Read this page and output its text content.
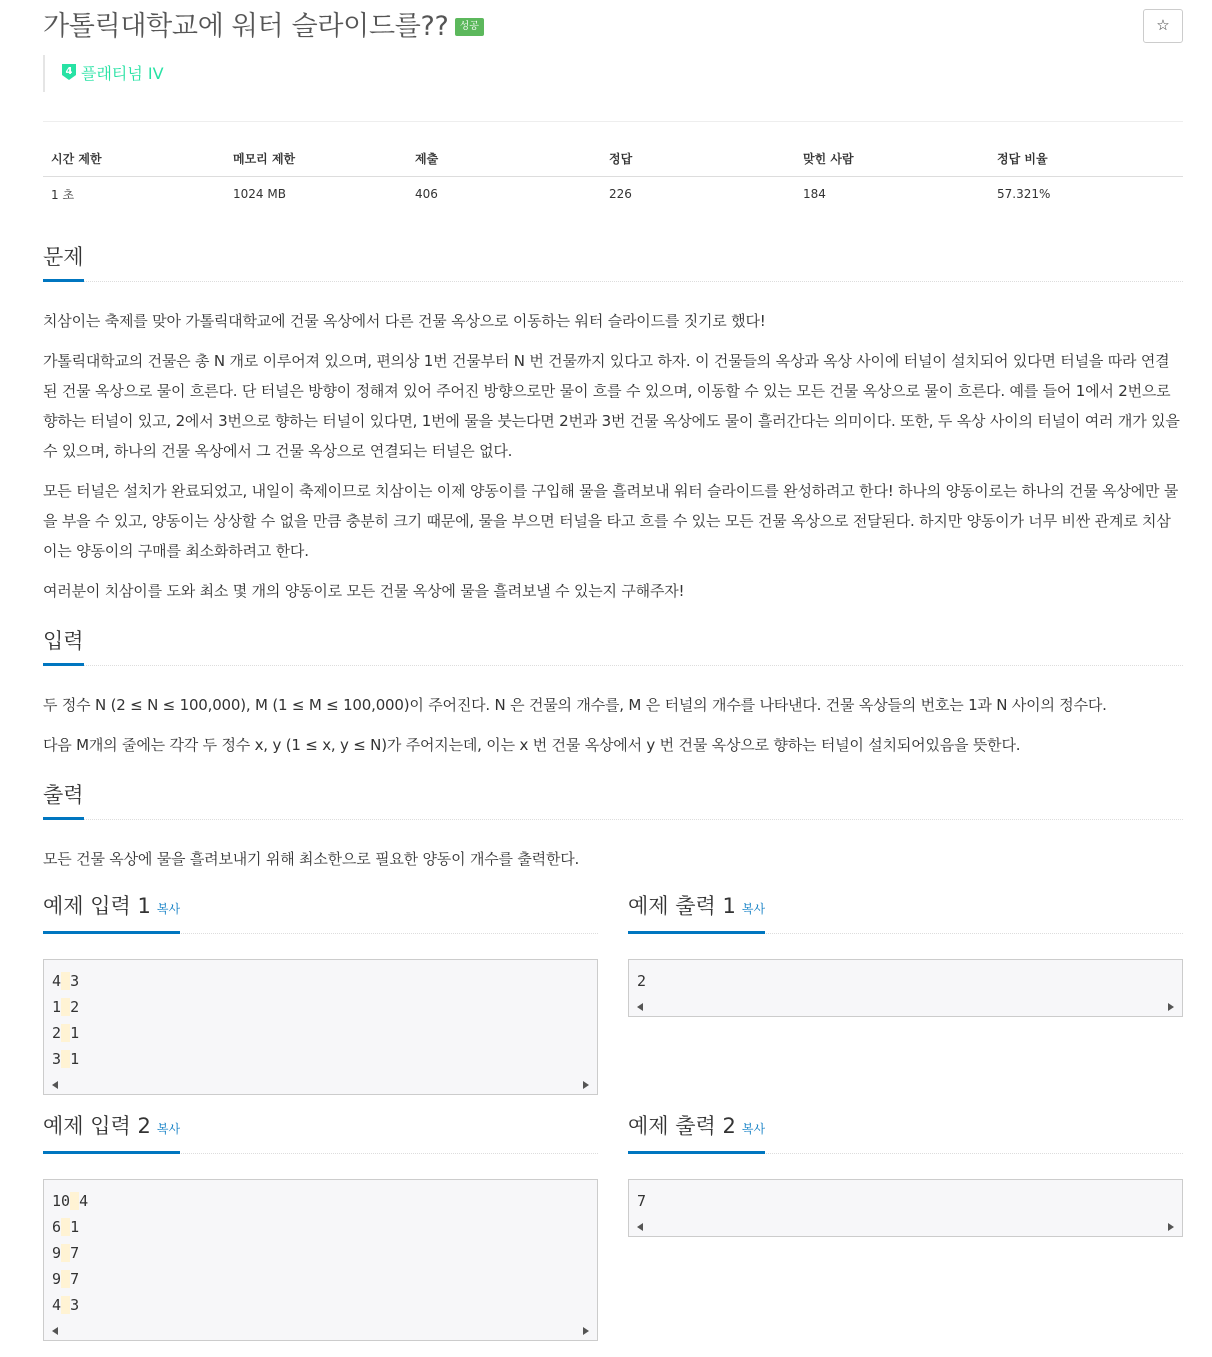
가톨릭대학교에 워터 슬라이드를?? 성공	☆
4 플래티넘 IV
시간 제한	메모리 제한	제출	정답	맞힌 사람	정답 비율
1 초	1024 MB	406	226	184	57.321%
문제
치삼이는 축제를 맞아 가톨릭대학교에 건물 옥상에서 다른 건물 옥상으로 이동하는 워터 슬라이드를 짓기로 했다!
가톨릭대학교의 건물은 총 N 개로 이루어져 있으며, 편의상 1번 건물부터 N 번 건물까지 있다고 하자. 이 건물들의 옥상과 옥상 사이에 터널이 설치되어 있다면 터널을 따라 연결된 건물 옥상으로 물이 흐른다. 단 터널은 방향이 정해져 있어 주어진 방향으로만 물이 흐를 수 있으며, 이동할 수 있는 모든 건물 옥상으로 물이 흐른다. 예를 들어 1에서 2번으로 향하는 터널이 있고, 2에서 3번으로 향하는 터널이 있다면, 1번에 물을 붓는다면 2번과 3번 건물 옥상에도 물이 흘러간다는 의미이다. 또한, 두 옥상 사이의 터널이 여러 개가 있을 수 있으며, 하나의 건물 옥상에서 그 건물 옥상으로 연결되는 터널은 없다.
모든 터널은 설치가 완료되었고, 내일이 축제이므로 치삼이는 이제 양동이를 구입해 물을 흘려보내 워터 슬라이드를 완성하려고 한다! 하나의 양동이로는 하나의 건물 옥상에만 물을 부을 수 있고, 양동이는 상상할 수 없을 만큼 충분히 크기 때문에, 물을 부으면 터널을 타고 흐를 수 있는 모든 건물 옥상으로 전달된다. 하지만 양동이가 너무 비싼 관계로 치삼이는 양동이의 구매를 최소화하려고 한다.
여러분이 치삼이를 도와 최소 몇 개의 양동이로 모든 건물 옥상에 물을 흘려보낼 수 있는지 구해주자!
입력
두 정수 N (2 ≤ N ≤ 100,000), M (1 ≤ M ≤ 100,000)이 주어진다. N 은 건물의 개수를, M 은 터널의 개수를 나타낸다. 건물 옥상들의 번호는 1과 N 사이의 정수다.
다음 M개의 줄에는 각각 두 정수 x, y (1 ≤ x, y ≤ N)가 주어지는데, 이는 x 번 건물 옥상에서 y 번 건물 옥상으로 향하는 터널이 설치되어있음을 뜻한다.
출력
모든 건물 옥상에 물을 흘려보내기 위해 최소한으로 필요한 양동이 개수를 출력한다.
예제 입력 1 복사
4 3
1 2
2 1
3 1
예제 출력 1 복사
2
예제 입력 2 복사
10 4
6 1
9 7
9 7
4 3
예제 출력 2 복사
7
